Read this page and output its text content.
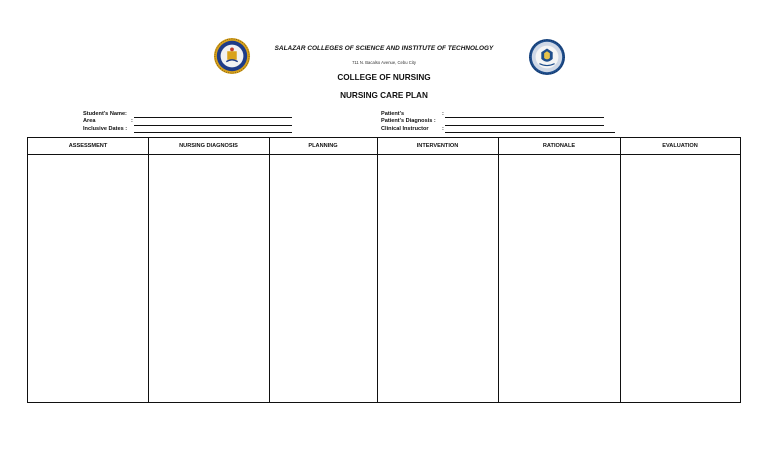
SALAZAR COLLEGES OF SCIENCE AND INSTITUTE OF TECHNOLOGY
711 N. Bacalso Avenue, Cebu City
COLLEGE OF NURSING
NURSING CARE PLAN
Student's Name:
Area	:
Inclusive Dates :
Patient's	:
Patient's Diagnosis :
Clinical Instructor :
ASSESSMENT	NURSING DIAGNOSIS	PLANNING	INTERVENTION	RATIONALE	EVALUATION
